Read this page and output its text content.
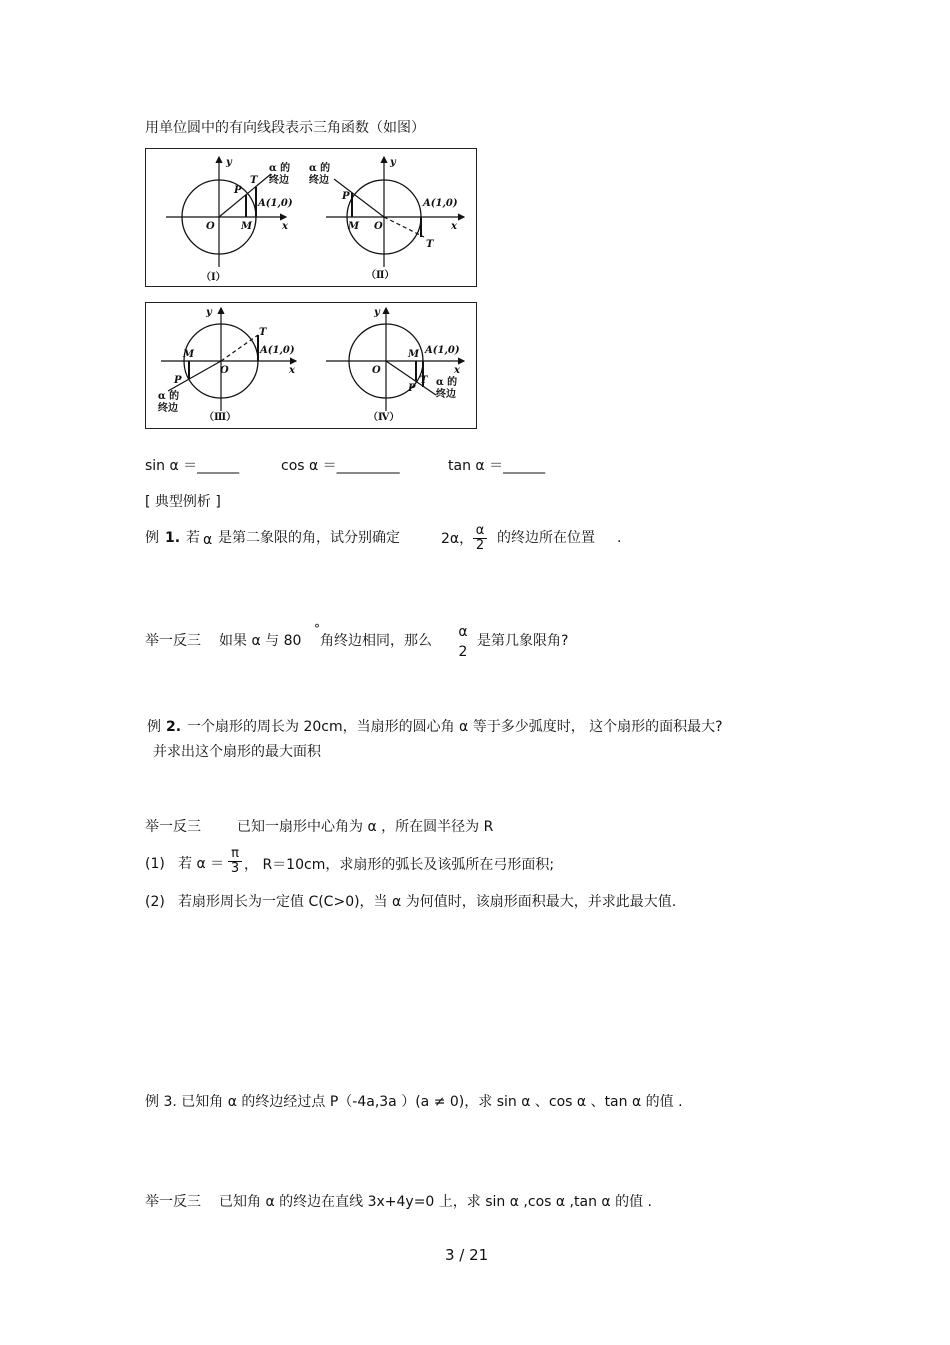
用单位圆中的有向线段表示三角函数（如图）
y
x
O	M
P
T
A(1,0)
α 的
终边
（Ⅰ）
y
x
O
M
P
T
A(1,0)
α 的
终边
（Ⅱ）
y
x
O
M
P
T
A(1,0)
α 的
终边
（Ⅲ）
y
x
O
M
P
T
A(1,0)
α 的
终边
（Ⅳ）
sin α ＝______	cos α ＝_________	tan α ＝______
[ 典型例析 ]
例 1. 若 α 是第二象限的角，试分别确定	2α， $\frac{\alpha}{2}$ 的终边所在位置 .
举一反三 如果 α 与 80
°
角终边相同，那么
α
2
是第几象限角?
例 2. 一个扇形的周长为 20cm，当扇形的圆心角 α 等于多少弧度时， 这个扇形的面积最大?
并求出这个扇形的最大面积
举一反三	已知一扇形中心角为 α ，所在圆半径为 R
(1) 若 $\alpha = \frac{\pi}{3}$ ， R＝10cm，求扇形的弧长及该弧所在弓形面积;
(2) 若扇形周长为一定值 C(C>0)，当 α 为何值时，该扇形面积最大，并求此最大值.
例 3. 已知角 α 的终边经过点 P（-4a,3a ）(a ≠ 0)，求 sin α 、cos α 、tan α 的值 .
举一反三 已知角 α 的终边在直线 3x+4y=0 上，求 sin α ,cos α ,tan α 的值 .
3 / 21
